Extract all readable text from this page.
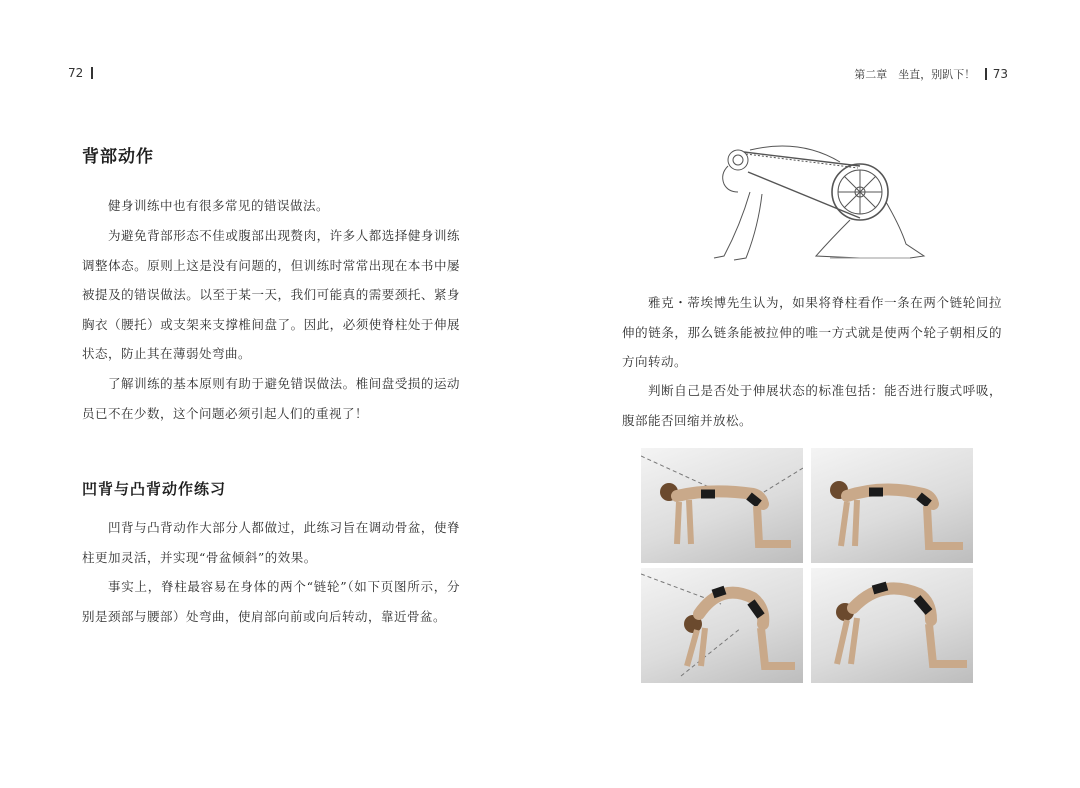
72
背部动作

健身训练中也有很多常见的错误做法。

为避免背部形态不佳或腹部出现赘肉，许多人都选择健身训练调整体态。原则上这是没有问题的，但训练时常常出现在本书中屡被提及的错误做法。以至于某一天，我们可能真的需要颈托、紧身胸衣（腰托）或支架来支撑椎间盘了。因此，必须使脊柱处于伸展状态，防止其在薄弱处弯曲。

了解训练的基本原则有助于避免错误做法。椎间盘受损的运动员已不在少数，这个问题必须引起人们的重视了！

凹背与凸背动作练习

凹背与凸背动作大部分人都做过，此练习旨在调动骨盆，使脊柱更加灵活，并实现“骨盆倾斜”的效果。

事实上，脊柱最容易在身体的两个“链轮”（如下页图所示，分别是颈部与腰部）处弯曲，使肩部向前或向后转动，靠近骨盆。

第二章　坐直，别趴下！ 73

雅克・蒂埃博先生认为，如果将脊柱看作一条在两个链轮间拉伸的链条，那么链条能被拉伸的唯一方式就是使两个轮子朝相反的方向转动。

判断自己是否处于伸展状态的标准包括：能否进行腹式呼吸，腹部能否回缩并放松。
